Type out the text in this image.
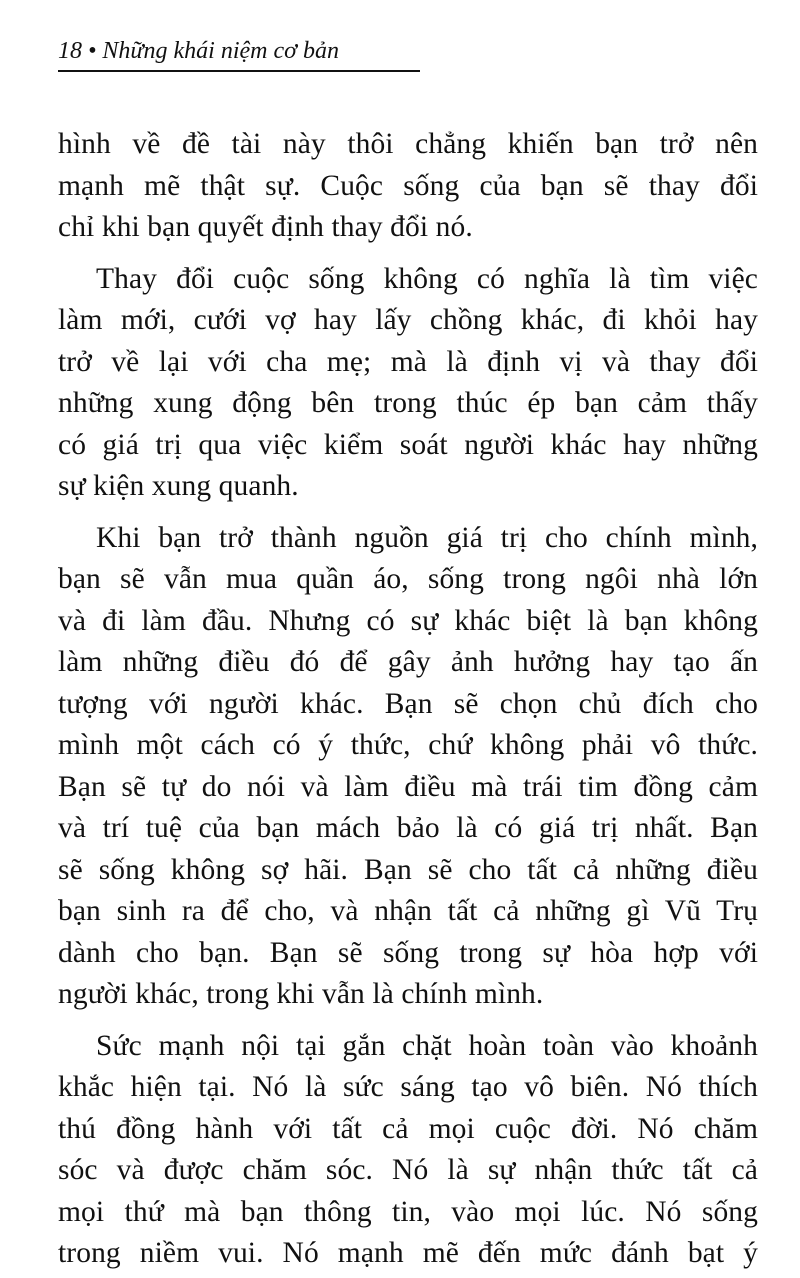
18 • Những khái niệm cơ bản

hình về đề tài này thôi chẳng khiến bạn trở nên
mạnh mẽ thật sự. Cuộc sống của bạn sẽ thay đổi
chỉ khi bạn quyết định thay đổi nó.

Thay đổi cuộc sống không có nghĩa là tìm việc
làm mới, cưới vợ hay lấy chồng khác, đi khỏi hay
trở về lại với cha mẹ; mà là định vị và thay đổi
những xung động bên trong thúc ép bạn cảm thấy
có giá trị qua việc kiểm soát người khác hay những
sự kiện xung quanh.

Khi bạn trở thành nguồn giá trị cho chính mình,
bạn sẽ vẫn mua quần áo, sống trong ngôi nhà lớn
và đi làm đầu. Nhưng có sự khác biệt là bạn không
làm những điều đó để gây ảnh hưởng hay tạo ấn
tượng với người khác. Bạn sẽ chọn chủ đích cho
mình một cách có ý thức, chứ không phải vô thức.
Bạn sẽ tự do nói và làm điều mà trái tim đồng cảm
và trí tuệ của bạn mách bảo là có giá trị nhất. Bạn
sẽ sống không sợ hãi. Bạn sẽ cho tất cả những điều
bạn sinh ra để cho, và nhận tất cả những gì Vũ Trụ
dành cho bạn. Bạn sẽ sống trong sự hòa hợp với
người khác, trong khi vẫn là chính mình.

Sức mạnh nội tại gắn chặt hoàn toàn vào khoảnh
khắc hiện tại. Nó là sức sáng tạo vô biên. Nó thích
thú đồng hành với tất cả mọi cuộc đời. Nó chăm
sóc và được chăm sóc. Nó là sự nhận thức tất cả
mọi thứ mà bạn thông tin, vào mọi lúc. Nó sống
trong niềm vui. Nó mạnh mẽ đến mức đánh bạt ý
